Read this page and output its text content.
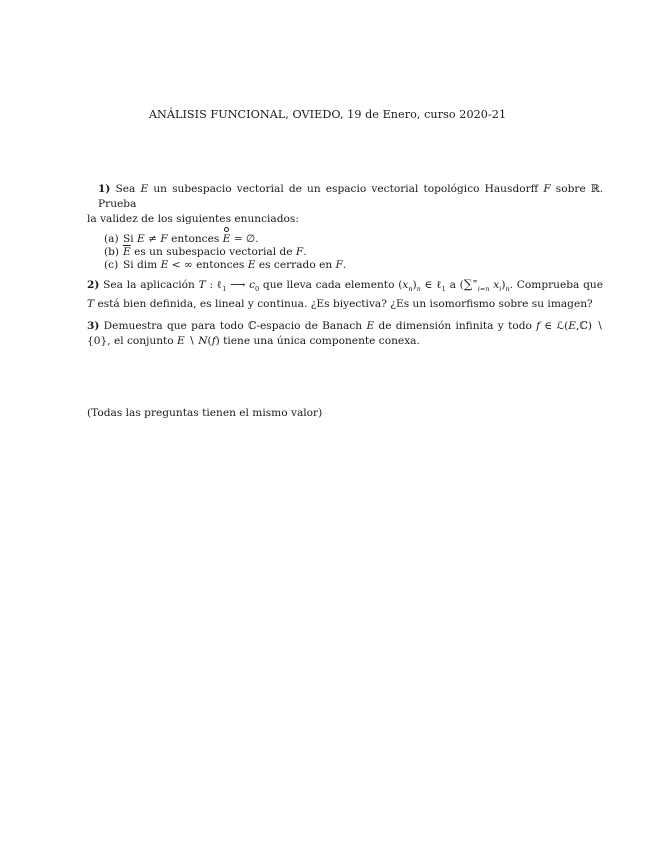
ANÁLISIS FUNCIONAL, OVIEDO, 19 de Enero, curso 2020-21
1) Sea E un subespacio vectorial de un espacio vectorial topológico Hausdorff F sobre ℝ. Prueba
la validez de los siguientes enunciados:
(a) Si E ≠ F entonces E = ∅.
(b) $\overline{E}$ es un subespacio vectorial de F.
(c) Si dim E < ∞ entonces E es cerrado en F.
2) Sea la aplicación T : ℓ$_1$ ⟶ $c_0$ que lleva cada elemento $(x_n)_n$ ∈ ℓ$_1$ a ($\sum^\infty_{i=n}$ $x_i)_n$. Comprueba que T está bien definida, es lineal y continua. ¿Es biyectiva? ¿Es un isomorfismo sobre su imagen?
3) Demuestra que para todo ℂ-espacio de Banach E de dimensión infinita y todo f ∈ ℒ(E,ℂ) ∖ {0}, el conjunto E ∖ N(f) tiene una única componente conexa.
(Todas las preguntas tienen el mismo valor)
